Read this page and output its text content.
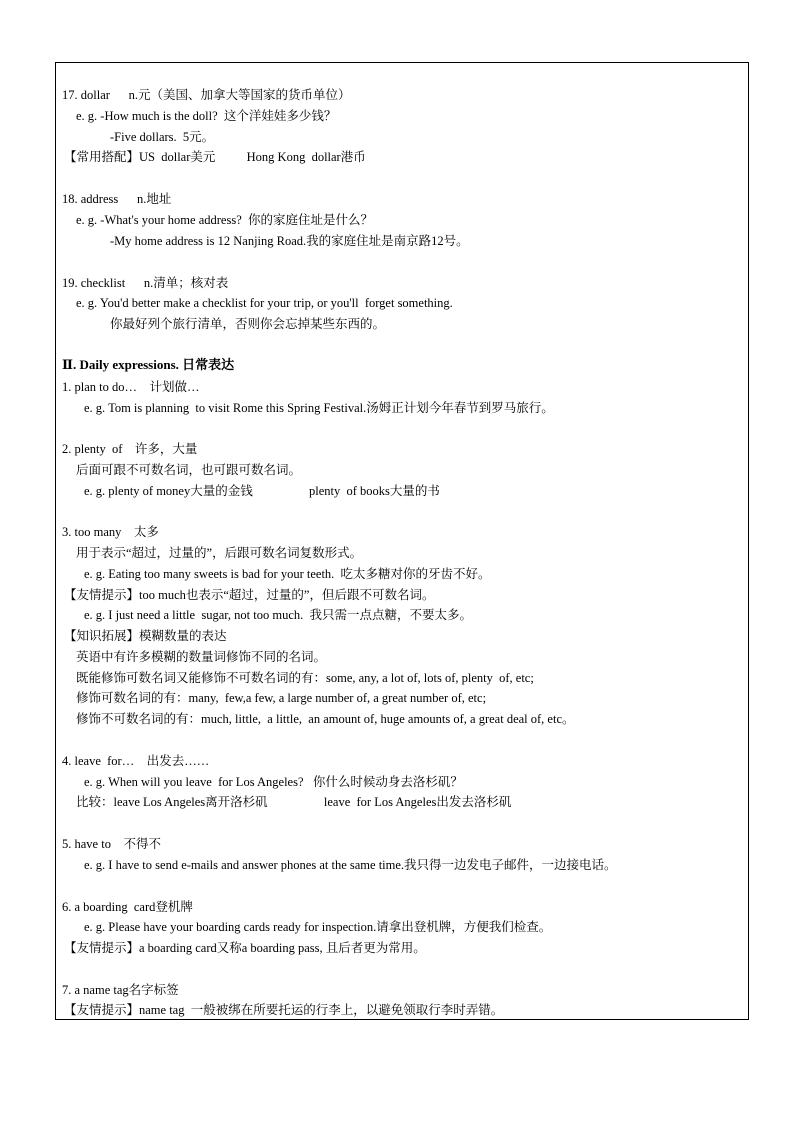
17. dollar      n.元（美国、加拿大等国家的货币单位）
e. g. -How much is the doll?  这个洋娃娃多少钱？
-Five dollars.  5元。
【常用搭配】US  dollar美元          Hong Kong  dollar港币
18. address      n.地址
e. g. -What's your home address?  你的家庭住址是什么？
-My home address is 12 Nanjing Road.我的家庭住址是南京路12号。
19. checklist      n.清单；核对表
e. g. You'd better make a checklist for your trip, or you'll  forget something.
你最好列个旅行清单，否则你会忘掉某些东西的。
Ⅱ. Daily expressions. 日常表达
1. plan to do…    计划做…
e. g. Tom is planning  to visit Rome this Spring Festival.汤姆正计划今年春节到罗马旅行。
2. plenty  of    许多，大量
后面可跟不可数名词，也可跟可数名词。
e. g. plenty of money大量的金钱                  plenty  of books大量的书
3. too many    太多
用于表示“超过，过量的”，后跟可数名词复数形式。
e. g. Eating too many sweets is bad for your teeth.  吃太多糖对你的牙齿不好。
【友情提示】too much也表示“超过，过量的”，但后跟不可数名词。
e. g. I just need a little  sugar, not too much.  我只需一点点糖，不要太多。
【知识拓展】模糊数量的表达
英语中有许多模糊的数量词修饰不同的名词。
既能修饰可数名词又能修饰不可数名词的有：some, any, a lot of, lots of, plenty  of, etc;
修饰可数名词的有：many,  few,a few, a large number of, a great number of, etc;
修饰不可数名词的有：much, little,  a little,  an amount of, huge amounts of, a great deal of, etc。
4. leave  for…    出发去……
e. g. When will you leave  for Los Angeles?   你什么时候动身去洛杉矶？
比较：leave Los Angeles离开洛杉矶                  leave  for Los Angeles出发去洛杉矶
5. have to    不得不
e. g. I have to send e-mails and answer phones at the same time.我只得一边发电子邮件，一边接电话。
6. a boarding  card登机牌
e. g. Please have your boarding cards ready for inspection.请拿出登机牌，方便我们检查。
【友情提示】a boarding card又称a boarding pass, 且后者更为常用。
7. a name tag名字标签
【友情提示】name tag  一般被绑在所要托运的行李上，以避免领取行李时弄错。
